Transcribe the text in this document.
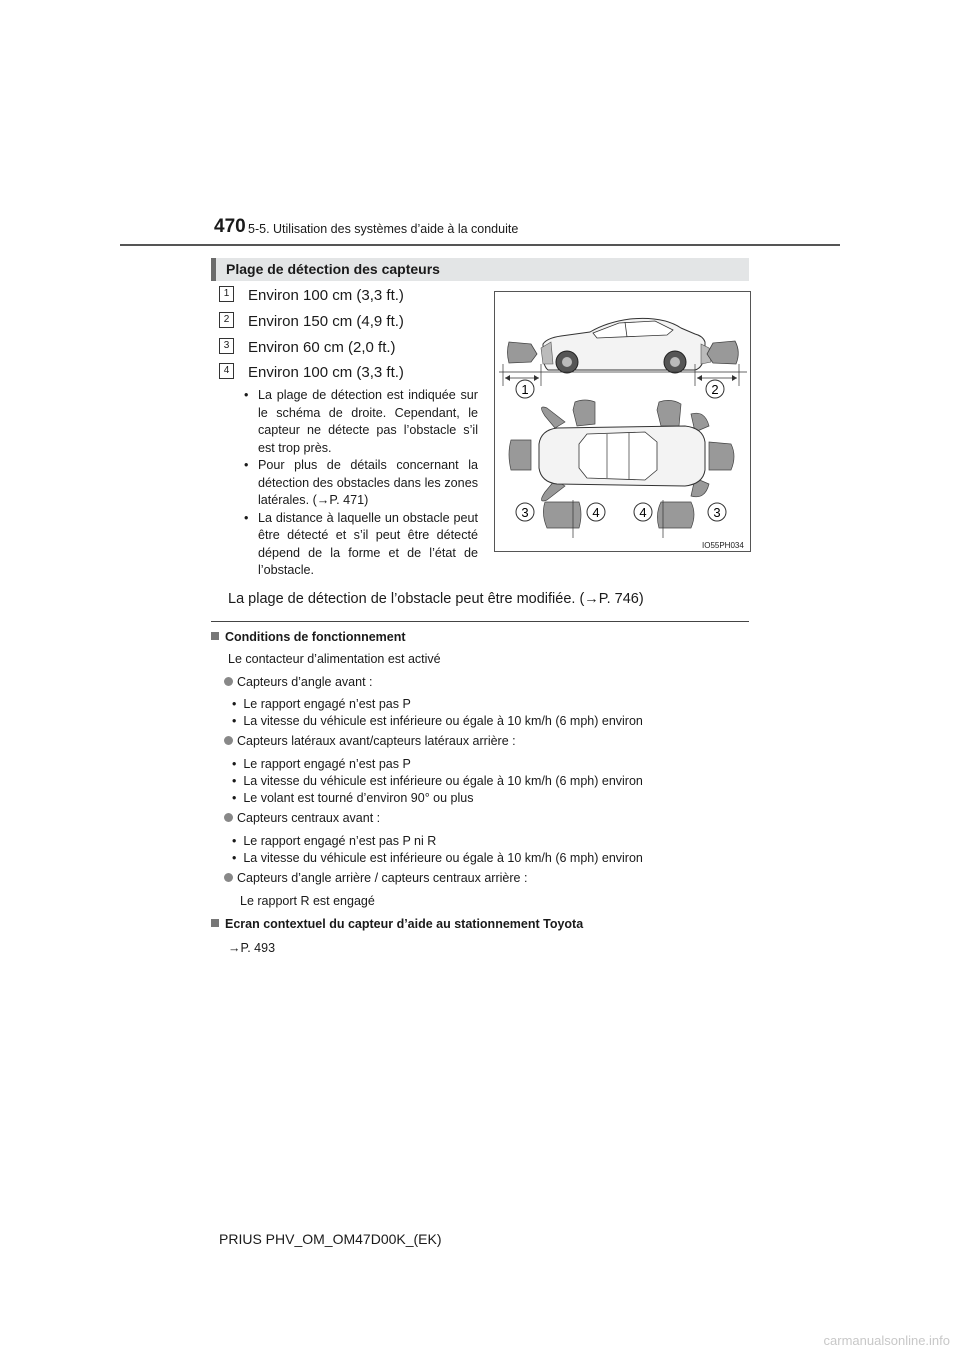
470 5-5. Utilisation des systèmes d’aide à la conduite
Plage de détection des capteurs
1 Environ 100 cm (3,3 ft.)
2 Environ 150 cm (4,9 ft.)
3 Environ 60 cm (2,0 ft.)
4 Environ 100 cm (3,3 ft.)
• La plage de détection est indiquée sur le schéma de droite. Cependant, le capteur ne détecte pas l’obstacle s’il est trop près.
• Pour plus de détails concernant la détection des obstacles dans les zones latérales. (→P. 471)
• La distance à laquelle un obstacle peut être détecté et s’il peut être détecté dépend de la forme et de l’état de l’obstacle.
1	2
3	4	4	3
IO55PH034
La plage de détection de l’obstacle peut être modifiée. (→P. 746)
Conditions de fonctionnement
Le contacteur d’alimentation est activé
Capteurs d’angle avant :
•  Le rapport engagé n’est pas P
•  La vitesse du véhicule est inférieure ou égale à 10 km/h (6 mph) environ
Capteurs latéraux avant/capteurs latéraux arrière :
•  Le rapport engagé n’est pas P
•  La vitesse du véhicule est inférieure ou égale à 10 km/h (6 mph) environ
•  Le volant est tourné d’environ 90° ou plus
Capteurs centraux avant :
•  Le rapport engagé n’est pas P ni R
•  La vitesse du véhicule est inférieure ou égale à 10 km/h (6 mph) environ
Capteurs d’angle arrière / capteurs centraux arrière :
Le rapport R est engagé
Ecran contextuel du capteur d’aide au stationnement Toyota
→P. 493
PRIUS PHV_OM_OM47D00K_(EK)
carmanualsonline.info
